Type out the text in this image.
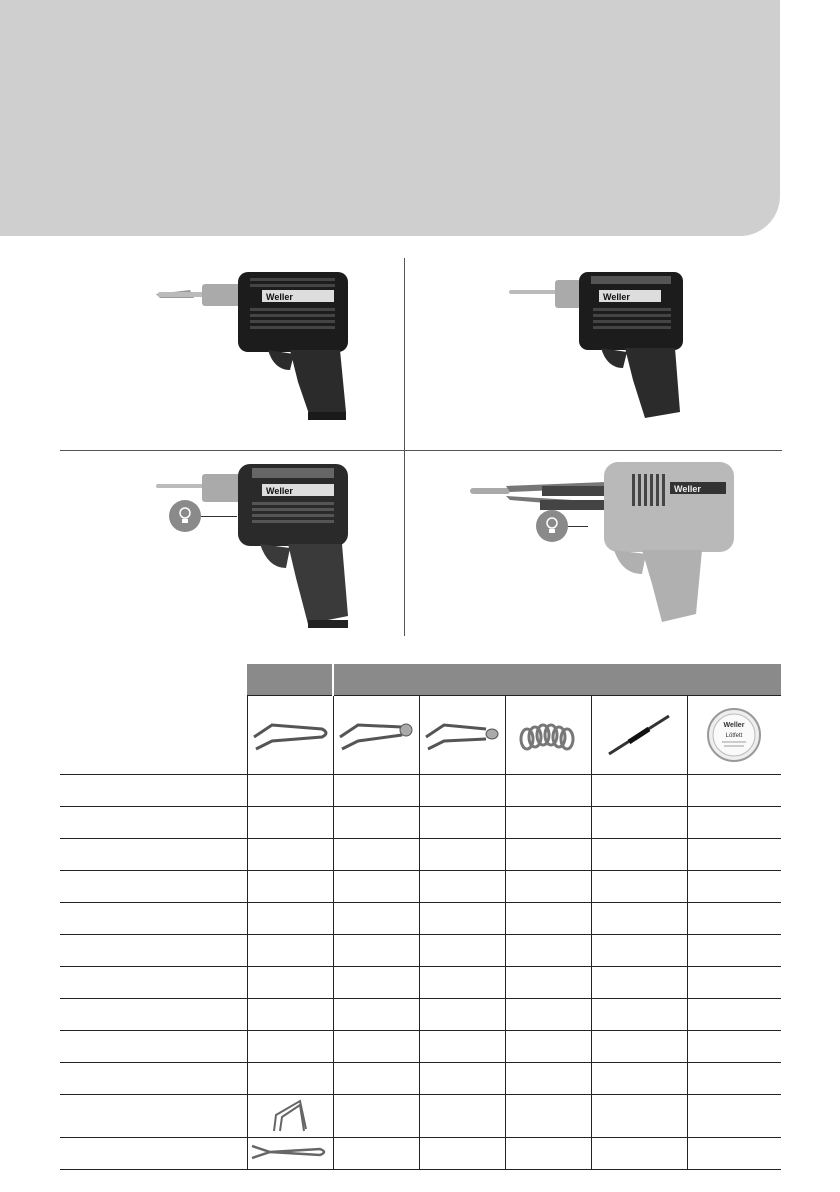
Weller	Weller
Weller	Weller

Weller
Lötfett
